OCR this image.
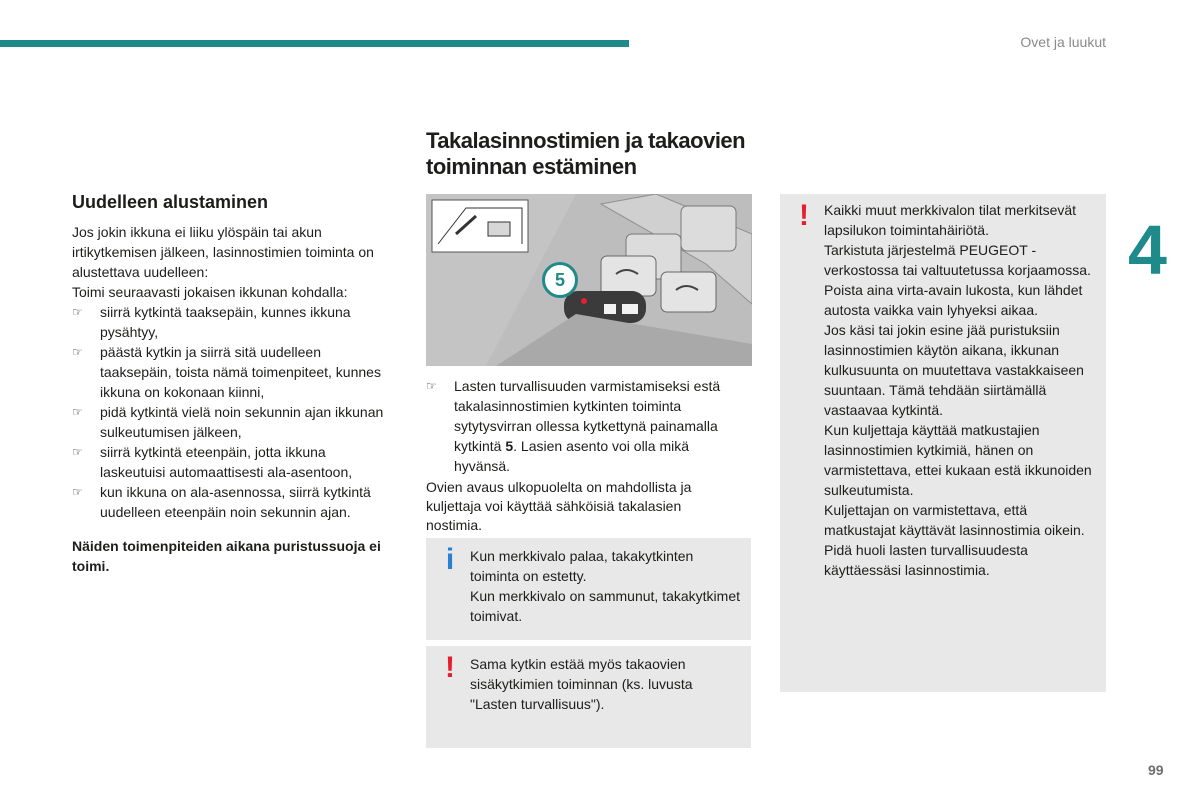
Ovet ja luukut
4
99

Uudelleen alustaminen

Jos jokin ikkuna ei liiku ylöspäin tai akun irtikytkemisen jälkeen, lasinnostimien toiminta on alustettava uudelleen:

Toimi seuraavasti jokaisen ikkunan kohdalla:

☞ siirrä kytkintä taaksepäin, kunnes ikkuna pysähtyy,
☞ päästä kytkin ja siirrä sitä uudelleen taaksepäin, toista nämä toimenpiteet, kunnes ikkuna on kokonaan kiinni,
☞ pidä kytkintä vielä noin sekunnin ajan ikkunan sulkeutumisen jälkeen,
☞ siirrä kytkintä eteenpäin, jotta ikkuna laskeutuisi automaattisesti ala-asentoon,
☞ kun ikkuna on ala-asennossa, siirrä kytkintä uudelleen eteenpäin noin sekunnin ajan.
Näiden toimenpiteiden aikana puristussuoja ei toimi.
Takalasinnostimien ja takaovien toiminnan estäminen
5
☞ Lasten turvallisuuden varmistamiseksi estä takalasinnostimien kytkinten toiminta sytytysvirran ollessa kytkettynä painamalla kytkintä 5. Lasien asento voi olla mikä hyvänsä.

Ovien avaus ulkopuolelta on mahdollista ja kuljettaja voi käyttää sähköisiä takalasien nostimia.

i	Kun merkkivalo palaa, takakytkinten toiminta on estetty.
Kun merkkivalo on sammunut, takakytkimet toimivat.
!	Sama kytkin estää myös takaovien sisäkytkimien toiminnan (ks. luvusta "Lasten turvallisuus").
!	Kaikki muut merkkivalon tilat merkitsevät lapsilukon toimintahäiriötä.
Tarkistuta järjestelmä PEUGEOT -verkostossa tai valtuutetussa korjaamossa.
Poista aina virta-avain lukosta, kun lähdet autosta vaikka vain lyhyeksi aikaa.
Jos käsi tai jokin esine jää puristuksiin lasinnostimien käytön aikana, ikkunan kulkusuunta on muutettava vastakkaiseen suuntaan. Tämä tehdään siirtämällä vastaavaa kytkintä.
Kun kuljettaja käyttää matkustajien lasinnostimien kytkimiä, hänen on varmistettava, ettei kukaan estä ikkunoiden sulkeutumista.
Kuljettajan on varmistettava, että matkustajat käyttävät lasinnostimia oikein.
Pidä huoli lasten turvallisuudesta käyttäessäsi lasinnostimia.
